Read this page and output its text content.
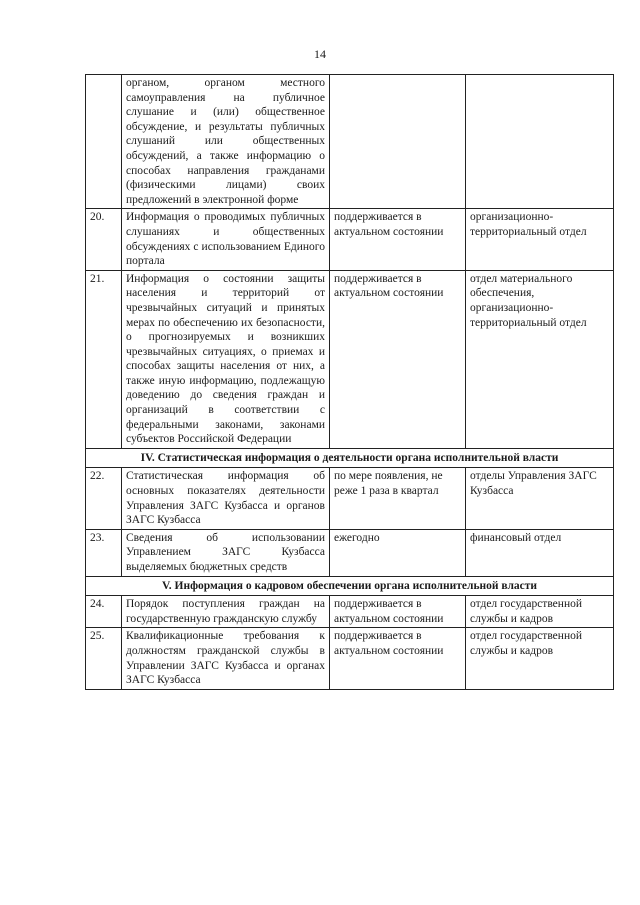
14
	органом, органом местного самоуправления на публичное слушание и (или) общественное обсуждение, и результаты публичных слушаний или общественных обсуждений, а также информацию о способах направления гражданами (физическими лицами) своих предложений в электронной форме		
20.	Информация о проводимых публичных слушаниях и общественных обсуждениях с использованием Единого портала	поддерживается в актуальном состоянии	организационно-территориальный отдел
21.	Информация о состоянии защиты населения и территорий от чрезвычайных ситуаций и принятых мерах по обеспечению их безопасности, о прогнозируемых и возникших чрезвычайных ситуациях, о приемах и способах защиты населения от них, а также иную информацию, подлежащую доведению до сведения граждан и организаций в соответствии с федеральными законами, законами субъектов Российской Федерации	поддерживается в актуальном состоянии	отдел материального обеспечения, организационно-территориальный отдел
IV. Статистическая информация о деятельности органа исполнительной власти			
22.	Статистическая информация об основных показателях деятельности Управления ЗАГС Кузбасса и органов ЗАГС Кузбасса	по мере появления, не реже 1 раза в квартал	отделы Управления ЗАГС Кузбасса
23.	Сведения об использовании Управлением ЗАГС Кузбасса выделяемых бюджетных средств	ежегодно	финансовый отдел
V. Информация о кадровом обеспечении органа исполнительной власти			
24.	Порядок поступления граждан на государственную гражданскую службу	поддерживается в актуальном состоянии	отдел государственной службы и кадров
25.	Квалификационные требования к должностям гражданской службы в Управлении ЗАГС Кузбасса и органах ЗАГС Кузбасса	поддерживается в актуальном состоянии	отдел государственной службы и кадров
